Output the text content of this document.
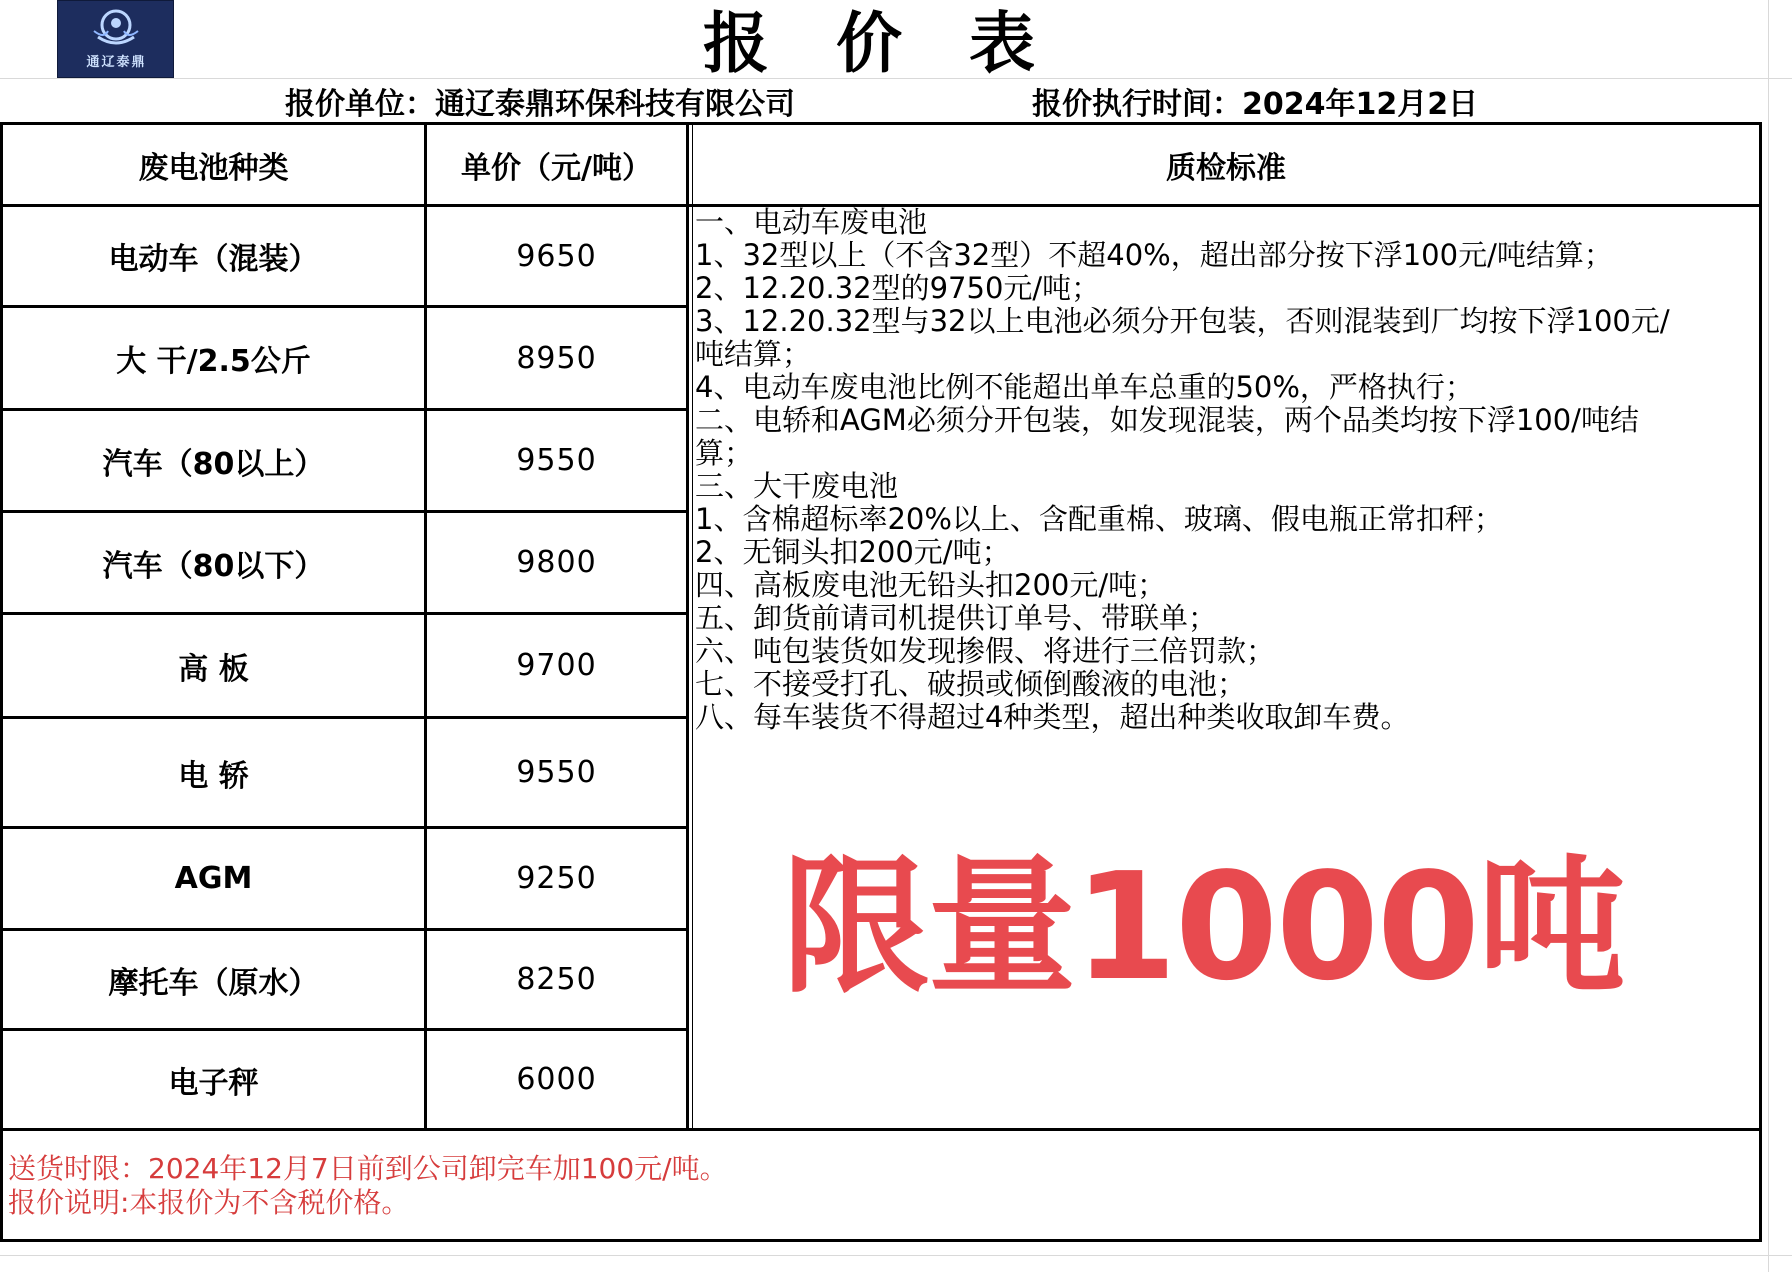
通辽泰鼎	报 价 表
报价单位：通辽泰鼎环保科技有限公司	报价执行时间：2024年12月2日
废电池种类	单价（元/吨）	质检标准
电动车（混装）	9650
大 干/2.5公斤	8950
汽车（80以上）	9550
汽车（80以下）	9800
高 板	9700
电 轿	9550
AGM	9250
摩托车（原水）	8250
电子秤	6000
一、电动车废电池
1、32型以上（不含32型）不超40%，超出部分按下浮100元/吨结算；
2、12.20.32型的9750元/吨；
3、12.20.32型与32以上电池必须分开包装，否则混装到厂均按下浮100元/
吨结算；
4、电动车废电池比例不能超出单车总重的50%，严格执行；
二、电轿和AGM必须分开包装，如发现混装，两个品类均按下浮100/吨结
算；
三、大干废电池
1、含棉超标率20%以上、含配重棉、玻璃、假电瓶正常扣秤；
2、无铜头扣200元/吨；
四、高板废电池无铅头扣200元/吨；
五、卸货前请司机提供订单号、带联单；
六、吨包装货如发现掺假、将进行三倍罚款；
七、不接受打孔、破损或倾倒酸液的电池；
八、每车装货不得超过4种类型，超出种类收取卸车费。
限量1000吨
送货时限：2024年12月7日前到公司卸完车加100元/吨。
报价说明:本报价为不含税价格。
